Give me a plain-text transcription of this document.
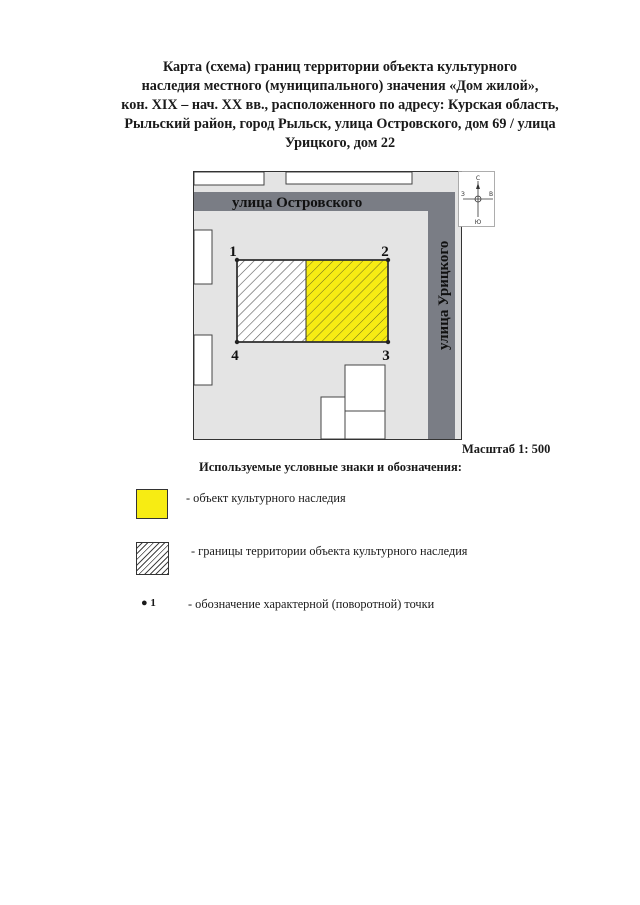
Карта (схема) границ территории объекта культурного
наследия местного (муниципального) значения «Дом жилой»,
кон. XIX – нач. XX вв., расположенного по адресу: Курская область,
Рыльский район, город Рыльск, улица Островского, дом 69 / улица
Урицкого, дом 22
1	2
3
4
улица Островского
улица Урицкого
С
Ю
З	В
Масштаб 1: 500
Используемые условные знаки и обозначения:
- объект культурного наследия
- границы территории объекта культурного наследия
● 1	- обозначение характерной (поворотной) точки
